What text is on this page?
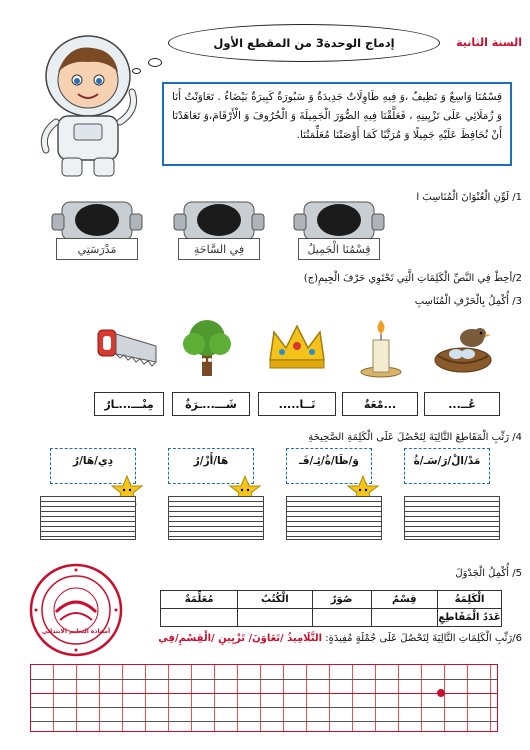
السنة الثانية
إدماج الوحدة3 من المقطع الأول
قِسْمُنَا وَاسِعٌ وَ نَظِيفٌ ،وَ فِيهِ طَاوِلَاتٌ جَدِيدَةٌ وَ سَبُورَةٌ كَبِيرَةٌ بَيْضَاءُ . تَعَاوَنْتُ أَنَا وَ زُمَلَائِي عَلَى تَزْيِينِهِ ، فَعَلَّقْنَا فِيهِ الصُّوَرَ الْجَمِيلَةَ وَ الْحُرُوفَ وَ الْأَرْقَامَ،وَ تَعَاهَدْنَا أَنْ نُحَافِظَ عَلَيْهِ جَمِيلًا وَ مُرَتَّبًا كَمَا أَوْصَتْنَا مُعَلِّمَتُنَا.
1/ لَوِّنِ الْعُنْوَانَ الْمُنَاسِبَ ا
قِسْمُنَا الْجَمِيلُ
فِي السَّاحَةِ
مَدْرَسَتِي
2/أحِطْ فِي النَّصِّ الْكَلِمَاتِ الَّتِي تَحْتَوِي حَرْفَ الْجِيمِ(ج)
3/ أُكْمِلُ بِالْحَرْفِ الْمُنَاسِبِ
عُــ...
...مْعَةٌ
تَــا.....
شَـــ...ـرَةٌ
مِنْـــ...ـارٌ
4/ رَتِّبِ الْمَقَاطِعَ التَّالِيَةَ لِتَحْصُلَ عَلَى الْكَلِمَةِ الصَّحِيحَةِ
مَدْ/الْ/رَ/سَـ/ةُ
وَ/ظَا/ةُ/ئِـ/فَـ
هَا/أَزْ/رُ
دِي/هَا/رُ
5/ أُكْمِلُ الْجَدْوَلَ
الْكَلِمَةُ	قِسْمٌ	صُوَرٌ	الْكُتُبُ	مُعَلِّمَةٌ
عَدَدُ الْمَقَاطِعِ				
أستاذة التعليم الابتدائي
6/رَتِّبِ الْكَلِمَاتِ التَّالِيَةَ لِتَحْصُلَ عَلَى جُمْلَةٍ مُفِيدَةٍ: التَّلَامِيذُ /تَعَاوَنَ/ تَزْيِينِ /الْقِسْمِ/فِي
